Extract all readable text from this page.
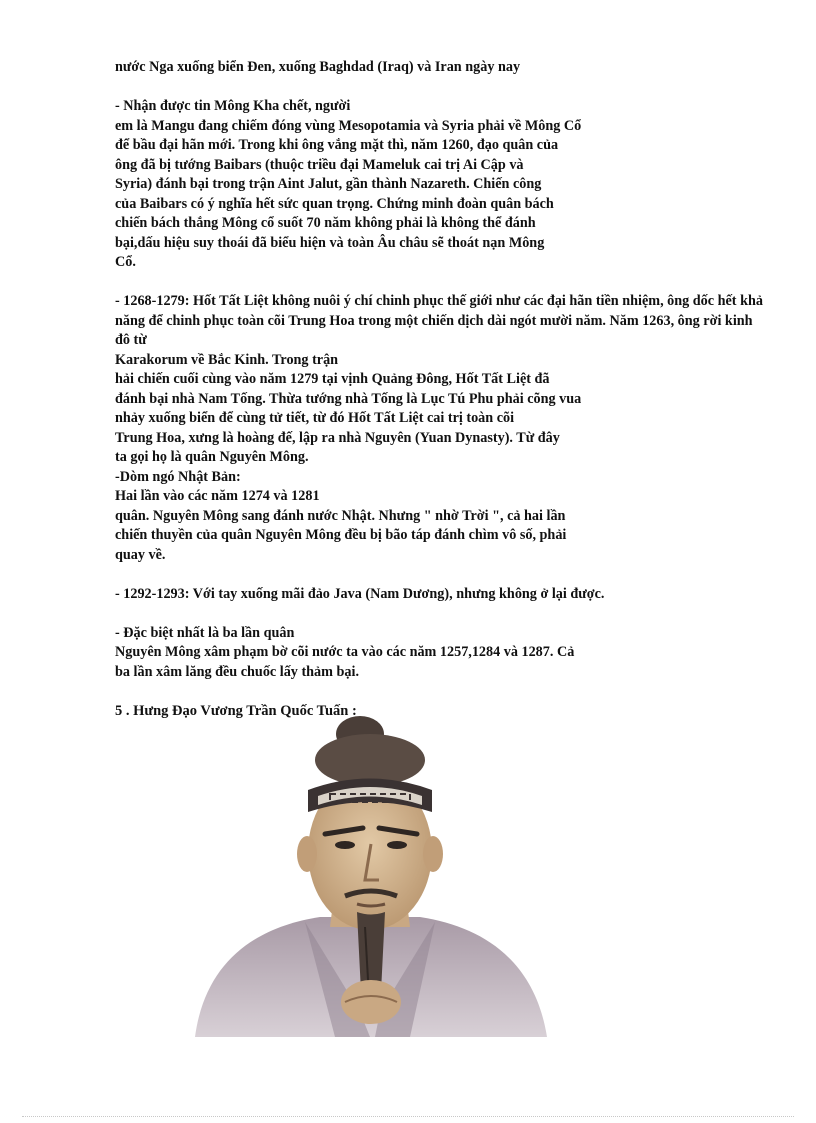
nước Nga xuống biển Đen, xuống Baghdad (Iraq) và Iran ngày nay

- Nhận được tin Mông Kha chết, người

em là Mangu đang chiếm đóng vùng Mesopotamia và Syria phải về Mông Cổ

để bầu đại hãn mới. Trong khi ông vắng mặt thì, năm 1260, đạo quân của

ông đã bị tướng Baibars (thuộc triều đại Mameluk cai trị Ai Cập và

Syria) đánh bại trong trận Aint Jalut, gần thành Nazareth. Chiến công

của Baibars có ý nghĩa hết sức quan trọng. Chứng minh đoàn quân bách

chiến bách thắng Mông cổ suốt 70 năm không phải là không thể đánh

bại,dấu hiệu suy thoái đã biểu hiện và toàn Âu châu sẽ thoát nạn Mông

Cổ.

- 1268-1279: Hốt Tất Liệt không nuôi ý chí chinh phục thế giới như các đại hãn tiền nhiệm, ông dốc hết khả

năng để chinh phục toàn cõi Trung Hoa trong một chiến dịch dài ngót mười năm. Năm 1263, ông rời kinh đô từ

Karakorum về Bắc Kinh. Trong trận

hải chiến cuối cùng vào năm 1279 tại vịnh Quảng Đông, Hốt Tất Liệt đã

đánh bại nhà Nam Tống. Thừa tướng nhà Tống là Lục Tú Phu phải cõng vua

nhảy xuống biển để cùng tử tiết, từ đó Hốt Tất Liệt cai trị toàn cõi

Trung Hoa, xưng là hoàng đế, lập ra nhà Nguyên (Yuan Dynasty). Từ đây

ta gọi họ là quân Nguyên Mông.

-Dòm ngó Nhật Bản:

Hai lần vào các năm 1274 và 1281

quân. Nguyên Mông sang đánh nước Nhật. Nhưng " nhờ Trời ", cả hai lần

chiến thuyền của quân Nguyên Mông đều bị bão táp đánh chìm vô số, phải

quay về.

- 1292-1293: Với tay xuống mãi đảo Java (Nam Dương), nhưng không ở lại được.

- Đặc biệt nhất là ba lần quân

Nguyên Mông xâm phạm bờ cõi nước ta vào các năm 1257,1284 và 1287. Cả

ba lần xâm lăng đều chuốc lấy thảm bại.

5 . Hưng Đạo Vương Trần Quốc Tuấn :
